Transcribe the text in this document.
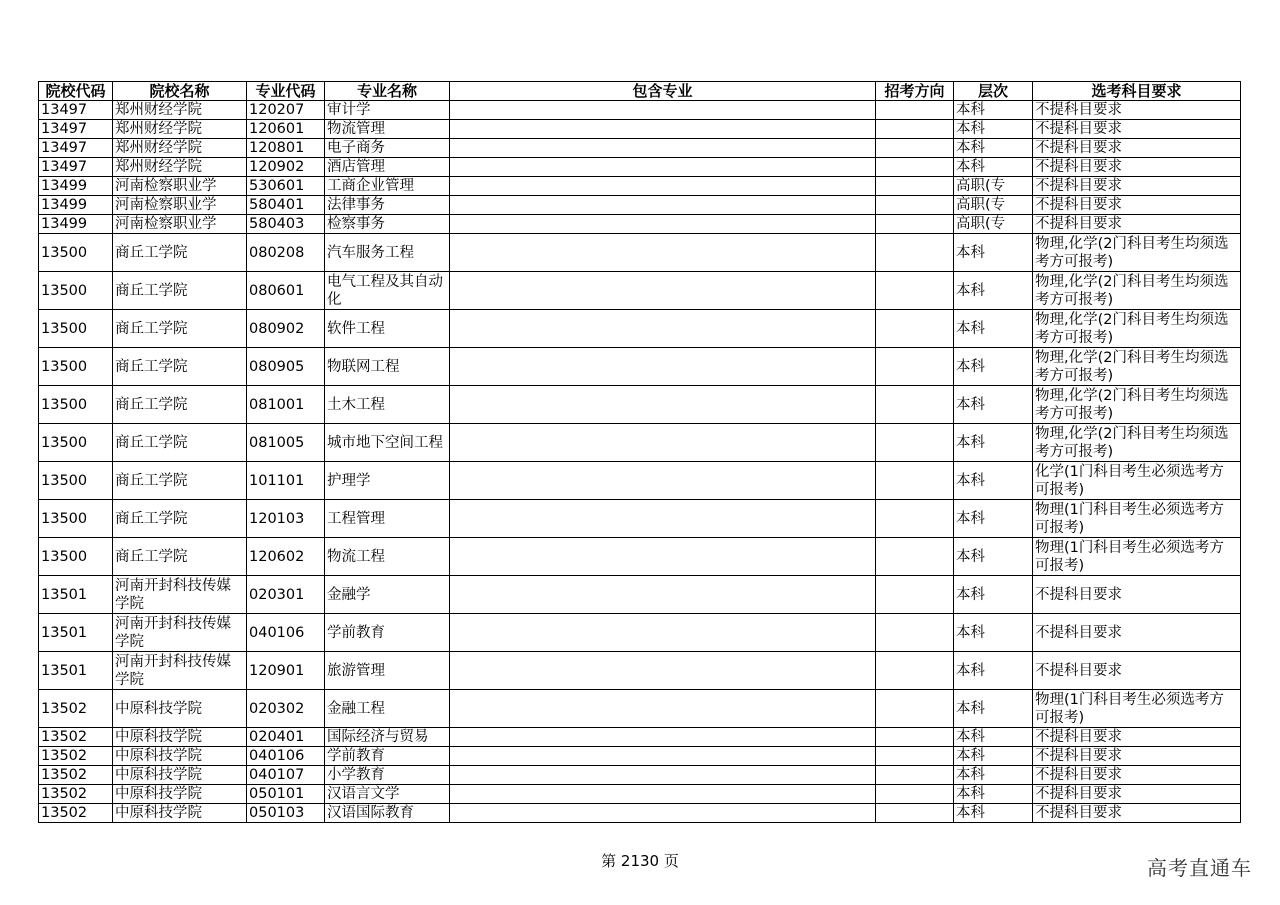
院校代码	院校名称	专业代码	专业名称	包含专业	招考方向	层次	选考科目要求
13497	郑州财经学院	120207	审计学			本科	不提科目要求
13497	郑州财经学院	120601	物流管理			本科	不提科目要求
13497	郑州财经学院	120801	电子商务			本科	不提科目要求
13497	郑州财经学院	120902	酒店管理			本科	不提科目要求
13499	河南检察职业学	530601	工商企业管理			高职(专	不提科目要求
13499	河南检察职业学	580401	法律事务			高职(专	不提科目要求
13499	河南检察职业学	580403	检察事务			高职(专	不提科目要求
13500	商丘工学院	080208	汽车服务工程			本科	物理,化学(2门科目考生均须选考方可报考)
13500	商丘工学院	080601	电气工程及其自动化			本科	物理,化学(2门科目考生均须选考方可报考)
13500	商丘工学院	080902	软件工程			本科	物理,化学(2门科目考生均须选考方可报考)
13500	商丘工学院	080905	物联网工程			本科	物理,化学(2门科目考生均须选考方可报考)
13500	商丘工学院	081001	土木工程			本科	物理,化学(2门科目考生均须选考方可报考)
13500	商丘工学院	081005	城市地下空间工程			本科	物理,化学(2门科目考生均须选考方可报考)
13500	商丘工学院	101101	护理学			本科	化学(1门科目考生必须选考方可报考)
13500	商丘工学院	120103	工程管理			本科	物理(1门科目考生必须选考方可报考)
13500	商丘工学院	120602	物流工程			本科	物理(1门科目考生必须选考方可报考)
13501	河南开封科技传媒学院	020301	金融学			本科	不提科目要求
13501	河南开封科技传媒学院	040106	学前教育			本科	不提科目要求
13501	河南开封科技传媒学院	120901	旅游管理			本科	不提科目要求
13502	中原科技学院	020302	金融工程			本科	物理(1门科目考生必须选考方可报考)
13502	中原科技学院	020401	国际经济与贸易			本科	不提科目要求
13502	中原科技学院	040106	学前教育			本科	不提科目要求
13502	中原科技学院	040107	小学教育			本科	不提科目要求
13502	中原科技学院	050101	汉语言文学			本科	不提科目要求
13502	中原科技学院	050103	汉语国际教育			本科	不提科目要求
第 2130 页	高考直通车
